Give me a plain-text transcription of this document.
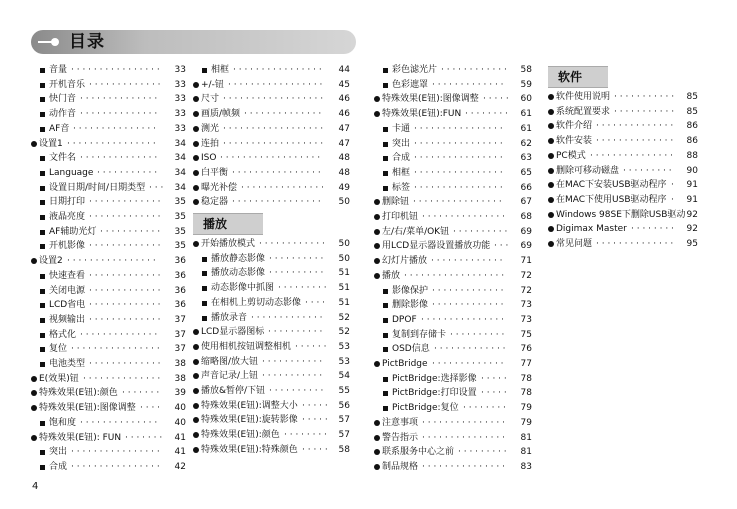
目录
音量	33
· · · · · · · · · · · · · · · ·
开机音乐	33
· · · · · · · · · · · · ·
快门音	33
· · · · · · · · · · · · · ·
动作音	33
· · · · · · · · · · · · · ·
AF音	33
· · · · · · · · · · · · · · ·
设置1	34
· · · · · · · · · · · · · · · ·
文件名	34
· · · · · · · · · · · · · ·
Language	34
· · · · · · · · · · ·
设置日期/时间/日期类型	34
· · ·
日期打印	35
· · · · · · · · · · · · ·
液晶亮度	35
· · · · · · · · · · · · ·
AF辅助光灯	35
· · · · · · · · · · ·
开机影像	35
· · · · · · · · · · · · ·
设置2	36
· · · · · · · · · · · · · · · ·
快速查看	36
· · · · · · · · · · · · ·
关闭电源	36
· · · · · · · · · · · · ·
LCD省电	36
· · · · · · · · · · · · ·
视频输出	37
· · · · · · · · · · · · ·
格式化	37
· · · · · · · · · · · · · ·
复位	37
· · · · · · · · · · · · · · · ·
电池类型	38
· · · · · · · · · · · · ·
E(效果)钮	38
· · · · · · · · · · · · · ·
特殊效果(E钮):颜色	39
· · · · · · ·
特殊效果(E钮):图像调整	40
· · · ·
饱和度	40
· · · · · · · · · · · · · ·
特殊效果(E钮): FUN	41
· · · · · · ·
突出	41
· · · · · · · · · · · · · · · ·
合成	42
· · · · · · · · · · · · · · · ·
相框	44
· · · · · · · · · · · · · · · ·
+/-钮	45
· · · · · · · · · · · · · · · · ·
尺寸	46
· · · · · · · · · · · · · · · · · ·
画质/帧频	46
· · · · · · · · · · · · · ·
测光	47
· · · · · · · · · · · · · · · · · ·
连拍	47
· · · · · · · · · · · · · · · · · ·
ISO	48
· · · · · · · · · · · · · · · · · ·
白平衡	48
· · · · · · · · · · · · · · · ·
曝光补偿	49
· · · · · · · · · · · · · · ·
稳定器	50
· · · · · · · · · · · · · · · ·
播放
开始播放模式	50
· · · · · · · · · · · ·
播放静态影像	50
· · · · · · · · · ·
播放动态影像	51
· · · · · · · · · ·
动态影像中抓图	51
· · · · · · · · ·
在相机上剪切动态影像	51
· · · ·
播放录音	52
· · · · · · · · · · · · ·
LCD显示器图标	52
· · · · · · · · · ·
使用相机按钮调整相机	53
· · · · · ·
缩略图/放大钮	53
· · · · · · · · · · ·
声音记录/上钮	54
· · · · · · · · · · ·
播放&暂停/下钮	55
· · · · · · · · · ·
特殊效果(E钮):调整大小	56
· · · · ·
特殊效果(E钮):旋转影像	57
· · · · ·
特殊效果(E钮):颜色	57
· · · · · · · ·
特殊效果(E钮):特殊颜色	58
· · · · ·
彩色滤光片	58
· · · · · · · · · · · ·
色彩遮罩	59
· · · · · · · · · · · · ·
特殊效果(E钮):图像调整	60
· · · · ·
特殊效果(E钮):FUN	61
· · · · · · · ·
卡通	61
· · · · · · · · · · · · · · · ·
突出	62
· · · · · · · · · · · · · · · ·
合成	63
· · · · · · · · · · · · · · · ·
相框	65
· · · · · · · · · · · · · · · ·
标签	66
· · · · · · · · · · · · · · · ·
删除钮	67
· · · · · · · · · · · · · · · ·
打印机钮	68
· · · · · · · · · · · · · · ·
左/右/菜单/OK钮	69
· · · · · · · · · ·
用LCD显示器设置播放功能	69
· · ·
幻灯片播放	71
· · · · · · · · · · · · ·
播放	72
· · · · · · · · · · · · · · · · · ·
影像保护	72
· · · · · · · · · · · · ·
删除影像	73
· · · · · · · · · · · · ·
DPOF	73
· · · · · · · · · · · · · · ·
复制到存储卡	75
· · · · · · · · · ·
OSD信息	76
· · · · · · · · · · · · ·
PictBridge	77
· · · · · · · · · · · · ·
PictBridge:选择影像	78
· · · · ·
PictBridge:打印设置	78
· · · · ·
PictBridge:复位	79
· · · · · · · ·
注意事项	79
· · · · · · · · · · · · · · ·
警告指示	81
· · · · · · · · · · · · · · ·
联系服务中心之前	81
· · · · · · · · ·
制品规格	83
· · · · · · · · · · · · · · ·
软件
软件使用说明	85
· · · · · · · · · · ·
系统配置要求	85
· · · · · · · · · · ·
软件介绍	86
· · · · · · · · · · · · · ·
软件安装	86
· · · · · · · · · · · · · ·
PC模式	88
· · · · · · · · · · · · · · ·
删除可移动磁盘	90
· · · · · · · · ·
在MAC下安装USB驱动程序	91
·
在MAC下使用USB驱动程序	91
·
Windows 98SE下删除USB驱动 92
Digimax Master	92
· · · · · · · ·
常见问题	95
· · · · · · · · · · · · · ·
4
